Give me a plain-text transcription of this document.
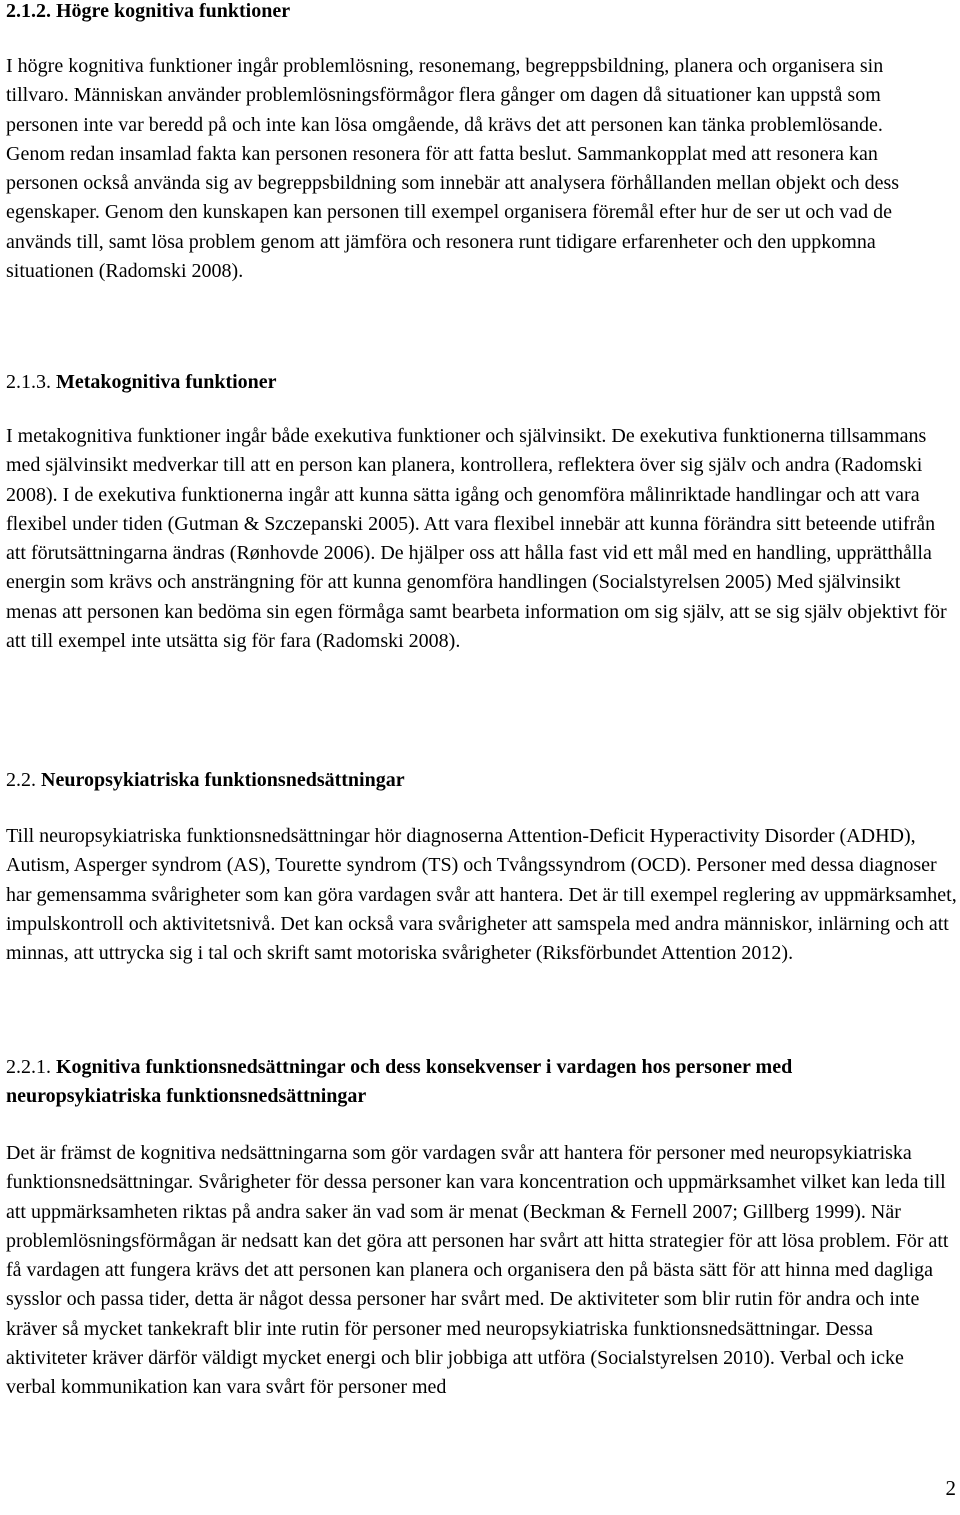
2.1.2. Högre kognitiva funktioner

I högre kognitiva funktioner ingår problemlösning, resonemang, begreppsbildning, planera och organisera sin tillvaro. Människan använder problemlösningsförmågor flera gånger om dagen då situationer kan uppstå som personen inte var beredd på och inte kan lösa omgående, då krävs det att personen kan tänka problemlösande. Genom redan insamlad fakta kan personen resonera för att fatta beslut. Sammankopplat med att resonera kan personen också använda sig av begreppsbildning som innebär att analysera förhållanden mellan objekt och dess egenskaper. Genom den kunskapen kan personen till exempel organisera föremål efter hur de ser ut och vad de används till, samt lösa problem genom att jämföra och resonera runt tidigare erfarenheter och den uppkomna situationen (Radomski 2008).

2.1.3. Metakognitiva funktioner

I metakognitiva funktioner ingår både exekutiva funktioner och självinsikt. De exekutiva funktionerna tillsammans med självinsikt medverkar till att en person kan planera, kontrollera, reflektera över sig själv och andra (Radomski 2008). I de exekutiva funktionerna ingår att kunna sätta igång och genomföra målinriktade handlingar och att vara flexibel under tiden (Gutman & Szczepanski 2005). Att vara flexibel innebär att kunna förändra sitt beteende utifrån att förutsättningarna ändras (Rønhovde 2006). De hjälper oss att hålla fast vid ett mål med en handling, upprätthålla energin som krävs och ansträngning för att kunna genomföra handlingen (Socialstyrelsen 2005) Med självinsikt menas att personen kan bedöma sin egen förmåga samt bearbeta information om sig själv, att se sig själv objektivt för att till exempel inte utsätta sig för fara (Radomski 2008).

2.2. Neuropsykiatriska funktionsnedsättningar

Till neuropsykiatriska funktionsnedsättningar hör diagnoserna Attention-Deficit Hyperactivity Disorder (ADHD), Autism, Asperger syndrom (AS), Tourette syndrom (TS) och Tvångssyndrom (OCD). Personer med dessa diagnoser har gemensamma svårigheter som kan göra vardagen svår att hantera. Det är till exempel reglering av uppmärksamhet, impulskontroll och aktivitetsnivå. Det kan också vara svårigheter att samspela med andra människor, inlärning och att minnas, att uttrycka sig i tal och skrift samt motoriska svårigheter (Riksförbundet Attention 2012).

2.2.1. Kognitiva funktionsnedsättningar och dess konsekvenser i vardagen hos personer med neuropsykiatriska funktionsnedsättningar

Det är främst de kognitiva nedsättningarna som gör vardagen svår att hantera för personer med neuropsykiatriska funktionsnedsättningar. Svårigheter för dessa personer kan vara koncentration och uppmärksamhet vilket kan leda till att uppmärksamheten riktas på andra saker än vad som är menat (Beckman & Fernell 2007; Gillberg 1999). När problemlösningsförmågan är nedsatt kan det göra att personen har svårt att hitta strategier för att lösa problem. För att få vardagen att fungera krävs det att personen kan planera och organisera den på bästa sätt för att hinna med dagliga sysslor och passa tider, detta är något dessa personer har svårt med. De aktiviteter som blir rutin för andra och inte kräver så mycket tankekraft blir inte rutin för personer med neuropsykiatriska funktionsnedsättningar. Dessa aktiviteter kräver därför väldigt mycket energi och blir jobbiga att utföra (Socialstyrelsen 2010). Verbal och icke verbal kommunikation kan vara svårt för personer med

2
